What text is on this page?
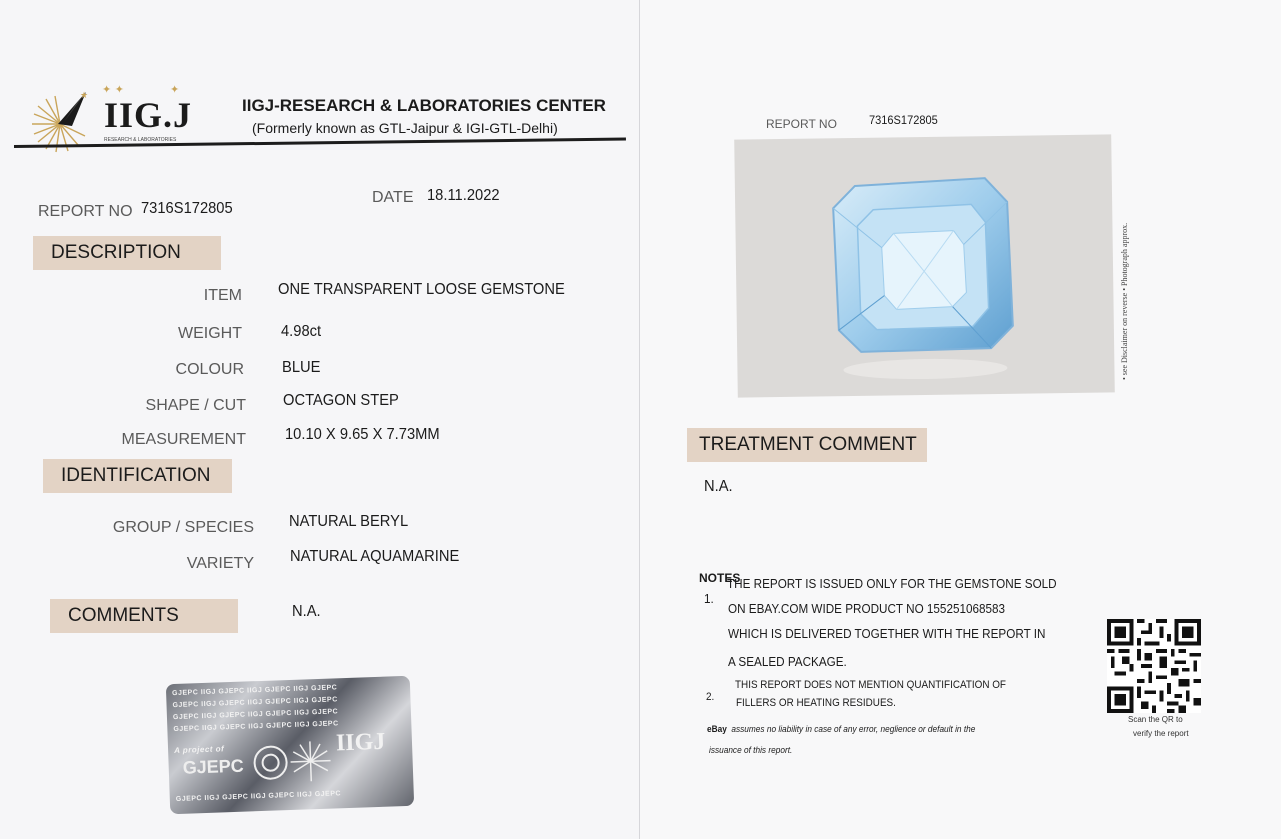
★ ✦ ✦	✦
IIG.J
RESEARCH & LABORATORIES
IIGJ-RESEARCH & LABORATORIES CENTER
(Formerly known as GTL-Jaipur & IGI-GTL-Delhi)
REPORT NO 7316S172805
DATE 18.11.2022
DESCRIPTION
ITEM ONE TRANSPARENT LOOSE GEMSTONE
WEIGHT 4.98ct
COLOUR BLUE
SHAPE / CUT OCTAGON STEP
MEASUREMENT 10.10 X 9.65 X 7.73MM
IDENTIFICATION
GROUP / SPECIES NATURAL BERYL
VARIETY NATURAL AQUAMARINE
COMMENTS	N.A.
GJEPC IIGJ GJEPC IIGJ GJEPC IIGJ GJEPC
GJEPC IIGJ GJEPC IIGJ GJEPC IIGJ GJEPC
GJEPC IIGJ GJEPC IIGJ GJEPC IIGJ GJEPC
GJEPC IIGJ GJEPC IIGJ GJEPC IIGJ GJEPC
A project of
GJEPC
IIGJ
GJEPC IIGJ GJEPC IIGJ GJEPC IIGJ GJEPC
REPORT NO	7316S172805
• see Disclaimer on reverse • Photograph approx.
TREATMENT COMMENT
N.A.
NOTES
1.
THE REPORT IS ISSUED ONLY FOR THE GEMSTONE SOLD
ON EBAY.COM WIDE PRODUCT NO 155251068583
WHICH IS DELIVERED TOGETHER WITH THE REPORT IN
A SEALED PACKAGE.
2.
THIS REPORT DOES NOT MENTION QUANTIFICATION OF
FILLERS OR HEATING RESIDUES.
eBay assumes no liability in case of any error, neglience or default in the
issuance of this report.
Scan the QR to
verify the report
